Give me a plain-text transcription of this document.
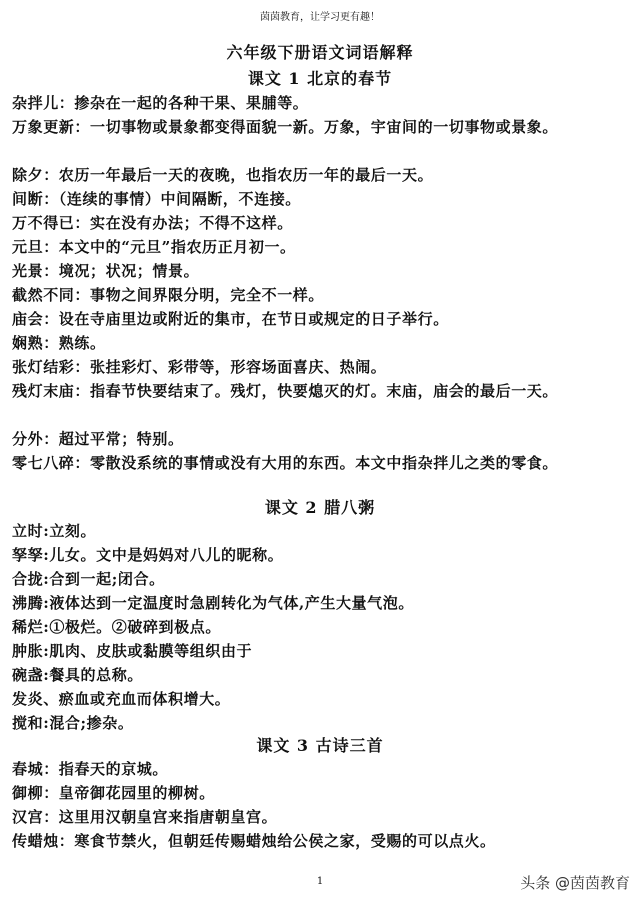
茵茵教育，让学习更有趣！
六年级下册语文词语解释
课文 1 北京的春节
杂拌儿：掺杂在一起的各种干果、果脯等。
万象更新：一切事物或景象都变得面貌一新。万象，宇宙间的一切事物或景象。
除夕：农历一年最后一天的夜晚，也指农历一年的最后一天。
间断：（连续的事情）中间隔断，不连接。
万不得已：实在没有办法；不得不这样。
元旦：本文中的“元旦”指农历正月初一。
光景：境况；状况；情景。
截然不同：事物之间界限分明，完全不一样。
庙会：设在寺庙里边或附近的集市，在节日或规定的日子举行。
娴熟：熟练。
张灯结彩：张挂彩灯、彩带等，形容场面喜庆、热闹。
残灯末庙：指春节快要结束了。残灯，快要熄灭的灯。末庙，庙会的最后一天。
分外：超过平常；特别。
零七八碎：零散没系统的事情或没有大用的东西。本文中指杂拌儿之类的零食。
课文 2 腊八粥
立时:立刻。
孥孥:儿女。文中是妈妈对八儿的昵称。
合拢:合到一起;闭合。
沸腾:液体达到一定温度时急剧转化为气体,产生大量气泡。
稀烂:①极烂。②破碎到极点。
肿胀:肌肉、皮肤或黏膜等组织由于
碗盏:餐具的总称。
发炎、瘀血或充血而体积增大。
搅和:混合;掺杂。
课文 3 古诗三首
春城：指春天的京城。
御柳：皇帝御花园里的柳树。
汉宫：这里用汉朝皇宫来指唐朝皇宫。
传蜡烛：寒食节禁火，但朝廷传赐蜡烛给公侯之家，受赐的可以点火。
1	头条 @茵茵教育
